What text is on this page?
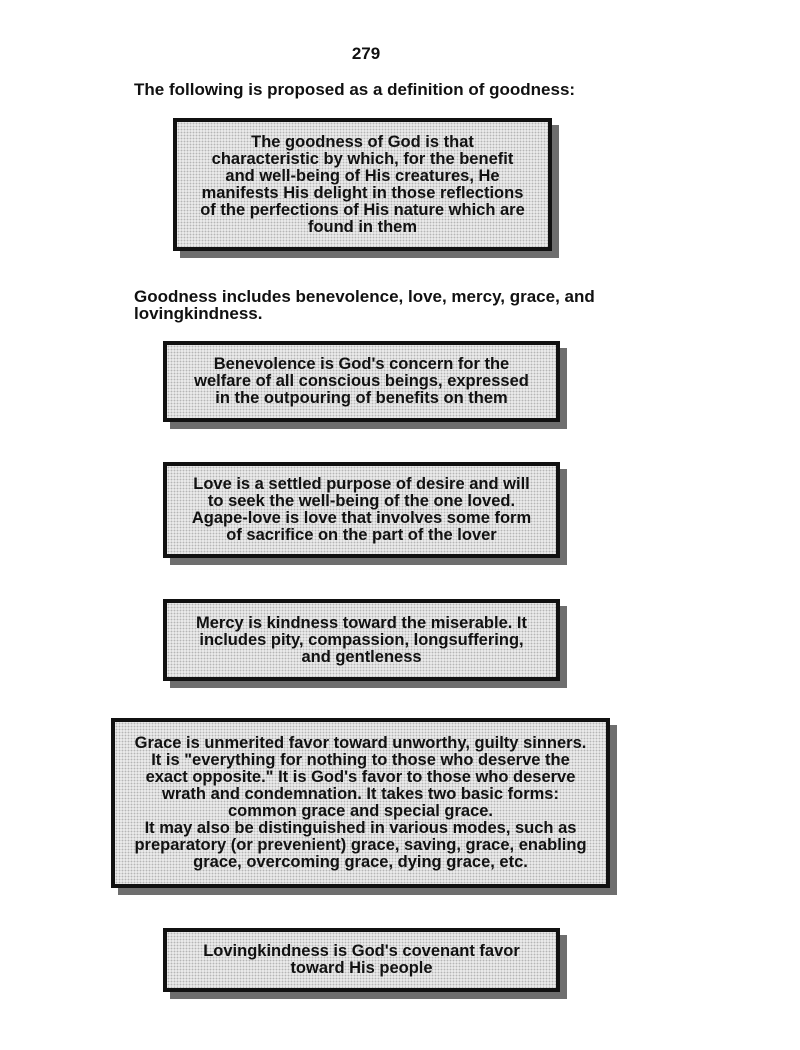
279

The following is proposed as a definition of goodness:

The goodness of God is that
characteristic by which, for the benefit
and well-being of His creatures, He
manifests His delight in those reflections
of the perfections of His nature which are
found in them

Goodness includes benevolence, love, mercy, grace, and lovingkindness.

Benevolence is God's concern for the
welfare of all conscious beings, expressed
in the outpouring of benefits on them

Love is a settled purpose of desire and will
to seek the well-being of the one loved.
Agape-love is love that involves some form
of sacrifice on the part of the lover

Mercy is kindness toward the miserable. It
includes pity, compassion, longsuffering,
and gentleness

Grace is unmerited favor toward unworthy, guilty sinners.
It is "everything for nothing to those who deserve the
exact opposite." It is God's favor to those who deserve
wrath and condemnation. It takes two basic forms:
common grace and special grace.
It may also be distinguished in various modes, such as
preparatory (or prevenient) grace, saving, grace, enabling
grace, overcoming grace, dying grace, etc.

Lovingkindness is God's covenant favor
toward His people
